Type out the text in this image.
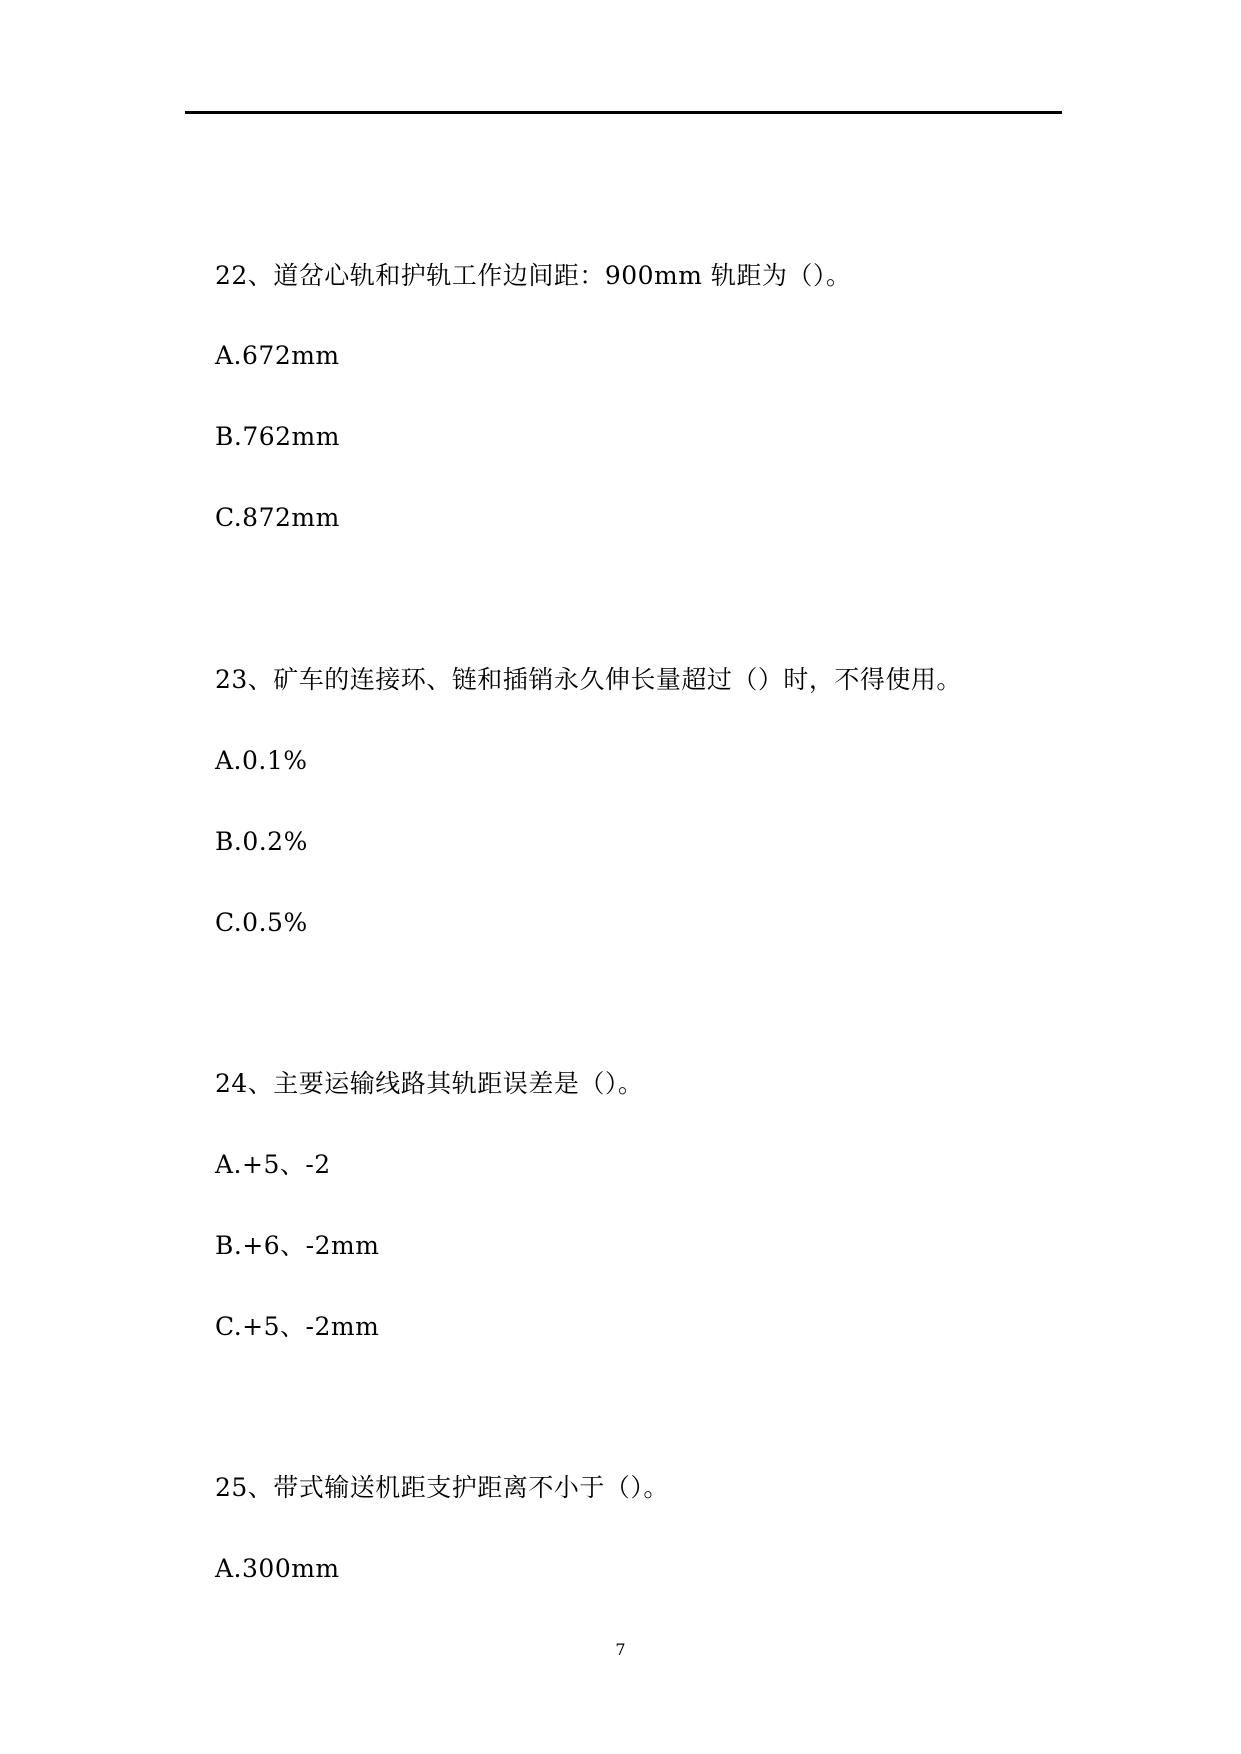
22、道岔心轨和护轨工作边间距：900mm 轨距为（）。
A.672mm
B.762mm
C.872mm
23、矿车的连接环、链和插销永久伸长量超过（）时，不得使用。
A.0.1%
B.0.2%
C.0.5%
24、主要运输线路其轨距误差是（）。
A.+5、-2
B.+6、-2mm
C.+5、-2mm
25、带式输送机距支护距离不小于（）。
A.300mm
7
